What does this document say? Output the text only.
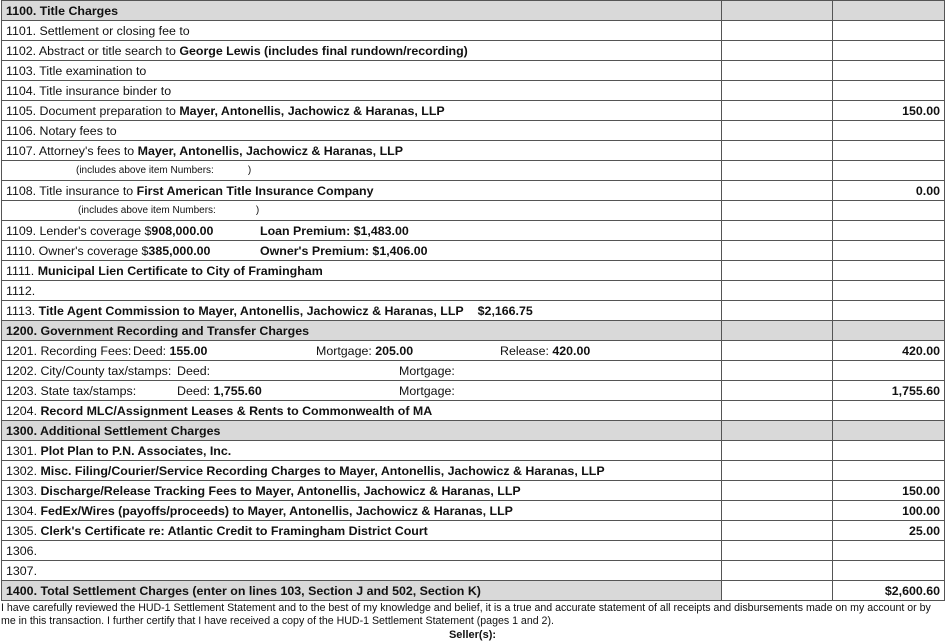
1100. Title Charges		
1101. Settlement or closing fee to		
1102. Abstract or title search to George Lewis (includes final rundown/recording)		
1103. Title examination to		
1104. Title insurance binder to		
1105. Document preparation to Mayer, Antonellis, Jachowicz & Haranas, LLP		150.00
1106. Notary fees to		
1107. Attorney's fees to Mayer, Antonellis, Jachowicz & Haranas, LLP		
(includes above item Numbers: )		
1108. Title insurance to First American Title Insurance Company		0.00
(includes above item Numbers: )		
1109. Lender's coverage $908,000.00 Loan Premium: $1,483.00		
1110. Owner's coverage $385,000.00 Owner's Premium: $1,406.00		
1111. Municipal Lien Certificate to City of Framingham		
1112.		
1113. Title Agent Commission to Mayer, Antonellis, Jachowicz & Haranas, LLP $2,166.75		
1200. Government Recording and Transfer Charges		
1201. Recording Fees: Deed: 155.00 Mortgage: 205.00 Release: 420.00		420.00
1202. City/County tax/stamps: Deed: Mortgage:		
1203. State tax/stamps: Deed: 1,755.60 Mortgage:		1,755.60
1204. Record MLC/Assignment Leases & Rents to Commonwealth of MA		
1300. Additional Settlement Charges		
1301. Plot Plan to P.N. Associates, Inc.		
1302. Misc. Filing/Courier/Service Recording Charges to Mayer, Antonellis, Jachowicz & Haranas, LLP		
1303. Discharge/Release Tracking Fees to Mayer, Antonellis, Jachowicz & Haranas, LLP		150.00
1304. FedEx/Wires (payoffs/proceeds) to Mayer, Antonellis, Jachowicz & Haranas, LLP		100.00
1305. Clerk's Certificate re: Atlantic Credit to Framingham District Court		25.00
1306.		
1307.		
1400. Total Settlement Charges (enter on lines 103, Section J and 502, Section K)		$2,600.60
I have carefully reviewed the HUD-1 Settlement Statement and to the best of my knowledge and belief, it is a true and accurate statement of all receipts and disbursements made on my account or by me in this transaction. I further certify that I have received a copy of the HUD-1 Settlement Statement (pages 1 and 2).
Seller(s):
